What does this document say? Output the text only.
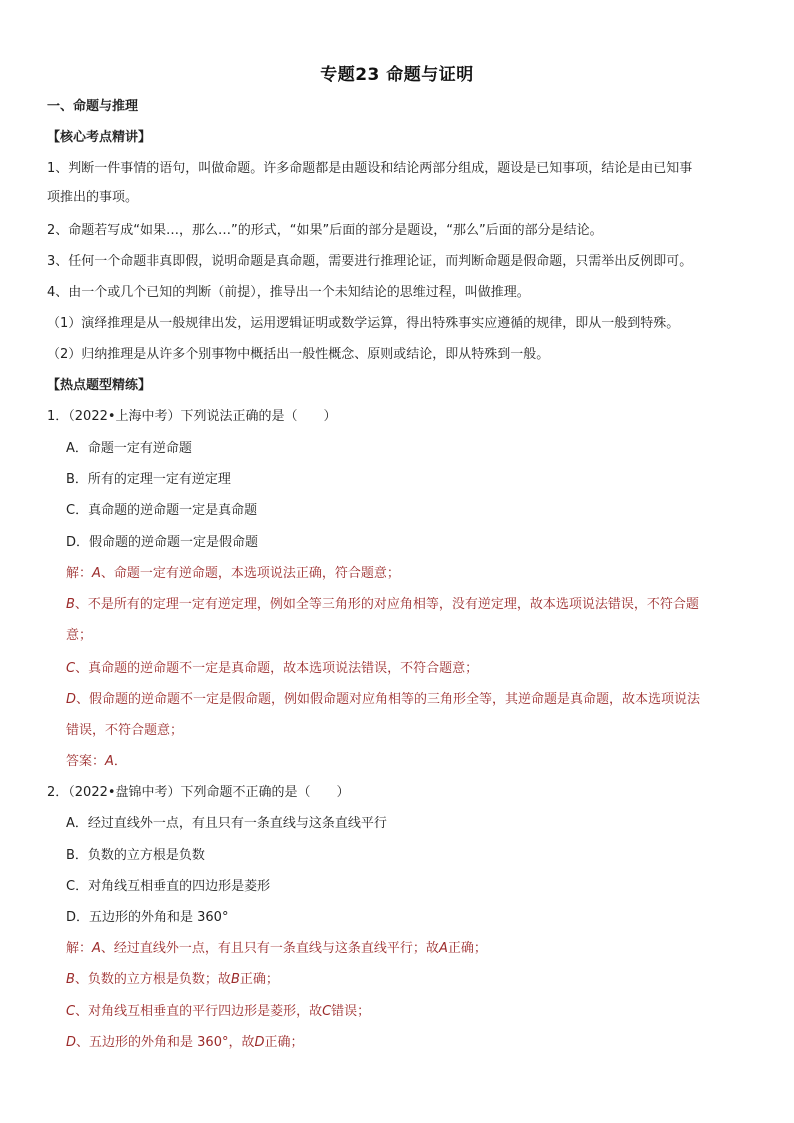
专题23 命题与证明
一、命题与推理
【核心考点精讲】
1、判断一件事情的语句，叫做命题。许多命题都是由题设和结论两部分组成，题设是已知事项，结论是由已知事
项推出的事项。
2、命题若写成“如果…，那么…”的形式，“如果”后面的部分是题设，“那么”后面的部分是结论。
3、任何一个命题非真即假，说明命题是真命题，需要进行推理论证，而判断命题是假命题，只需举出反例即可。
4、由一个或几个已知的判断（前提），推导出一个未知结论的思维过程，叫做推理。
（1）演绎推理是从一般规律出发，运用逻辑证明或数学运算，得出特殊事实应遵循的规律，即从一般到特殊。
（2）归纳推理是从许多个别事物中概括出一般性概念、原则或结论，即从特殊到一般。
【热点题型精练】
1．（2022•上海中考）下列说法正确的是（　　）
A．命题一定有逆命题
B．所有的定理一定有逆定理
C．真命题的逆命题一定是真命题
D．假命题的逆命题一定是假命题
解：A、命题一定有逆命题，本选项说法正确，符合题意；
B、不是所有的定理一定有逆定理，例如全等三角形的对应角相等，没有逆定理，故本选项说法错误，不符合题
意；
C、真命题的逆命题不一定是真命题，故本选项说法错误，不符合题意；
D、假命题的逆命题不一定是假命题，例如假命题对应角相等的三角形全等，其逆命题是真命题，故本选项说法
错误，不符合题意；
答案：A．
2．（2022•盘锦中考）下列命题不正确的是（　　）
A．经过直线外一点，有且只有一条直线与这条直线平行
B．负数的立方根是负数
C．对角线互相垂直的四边形是菱形
D．五边形的外角和是 360°
解：A、经过直线外一点，有且只有一条直线与这条直线平行；故A正确；
B、负数的立方根是负数；故B正确；
C、对角线互相垂直的平行四边形是菱形，故C错误；
D、五边形的外角和是 360°，故D正确；
